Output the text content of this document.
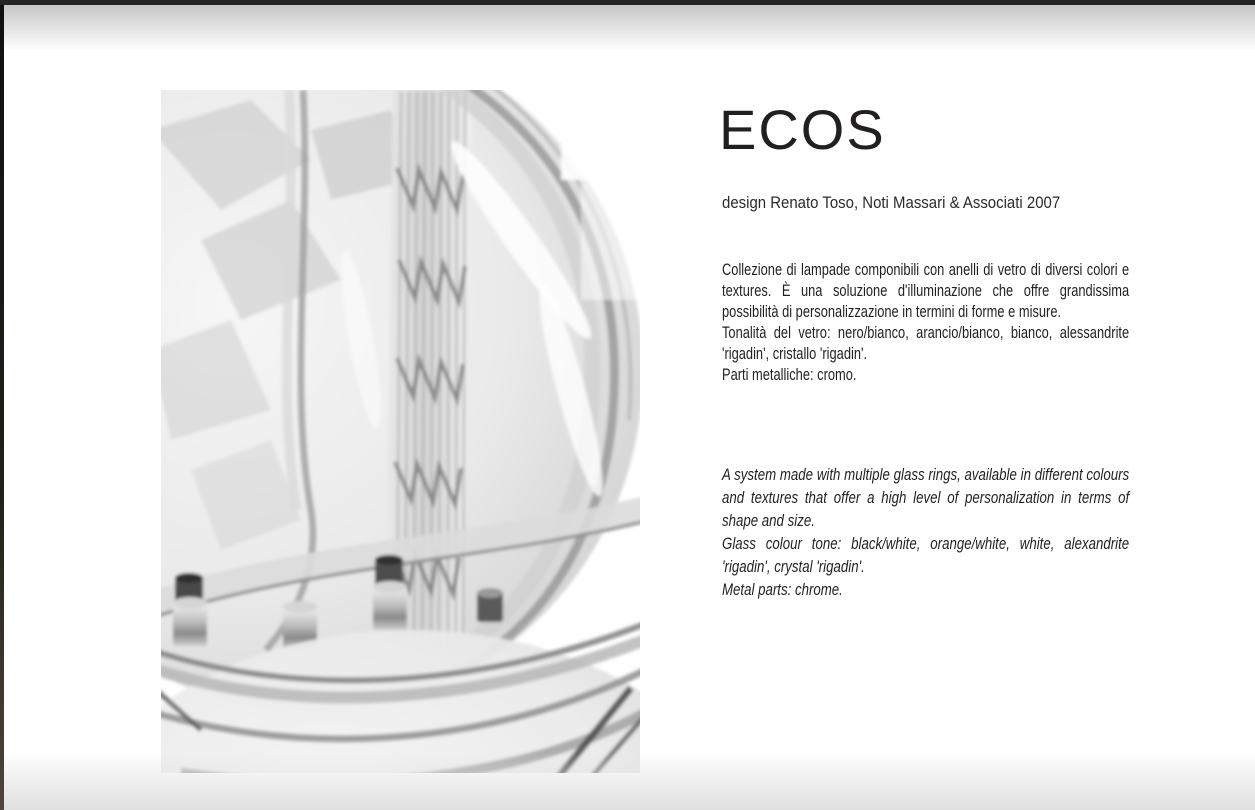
ECOS

design Renato Toso, Noti Massari & Associati 2007

Collezione di lampade componibili con anelli di vetro di diversi colori e textures. È una soluzione d'illuminazione che offre grandissima possibilità di personalizzazione in termini di forme e misure.

Tonalità del vetro: nero/bianco, arancio/bianco, bianco, alessandrite 'rigadin', cristallo 'rigadin'.

Parti metalliche: cromo.

A system made with multiple glass rings, available in different colours and textures that offer a high level of personalization in terms of shape and size.

Glass colour tone: black/white, orange/white, white, alexandrite 'rigadin', crystal 'rigadin'.

Metal parts: chrome.
